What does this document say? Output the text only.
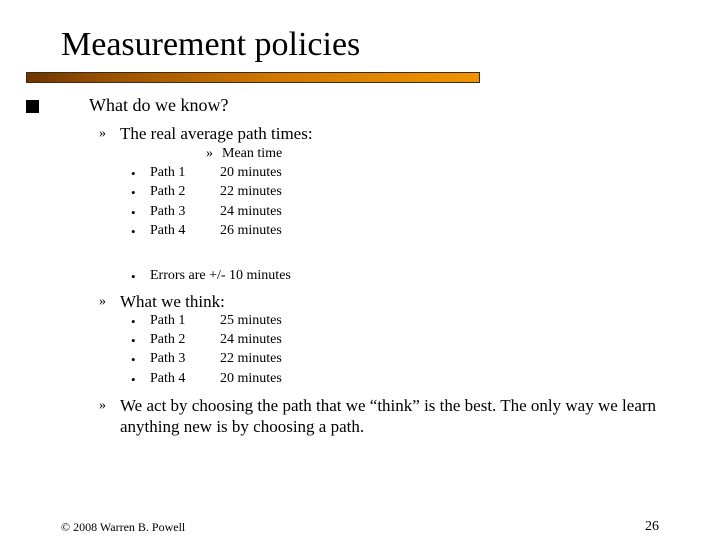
Measurement policies
What do we know?
» The real average path times:
» Mean time
• Path 1 20 minutes
• Path 2 22 minutes
• Path 3 24 minutes
• Path 4 26 minutes
• Errors are +/- 10 minutes
» What we think:
• Path 1 25 minutes
• Path 2 24 minutes
• Path 3 22 minutes
• Path 4 20 minutes
» We act by choosing the path that we “think” is the best. The only way we learn anything new is by choosing a path.
© 2008 Warren B. Powell	26
